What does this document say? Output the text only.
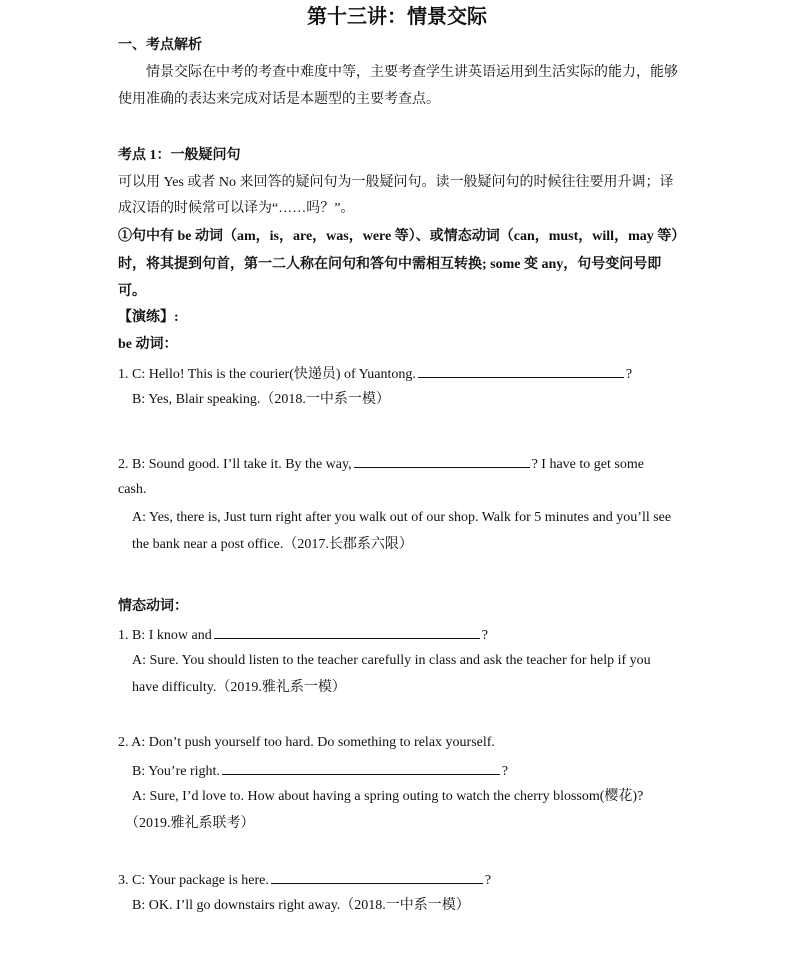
第十三讲：情景交际
一、考点解析
情景交际在中考的考查中难度中等，主要考查学生讲英语运用到生活实际的能力，能够
使用准确的表达来完成对话是本题型的主要考查点。
考点 1：一般疑问句
可以用 Yes 或者 No 来回答的疑问句为一般疑问句。读一般疑问句的时候往往要用升调；译
成汉语的时候常可以译为“……吗？”。
①句中有 be 动词（am，is，are，was，were 等）、或情态动词（can，must，will，may 等）
时，将其提到句首，第一二人称在问句和答句中需相互转换; some 变 any，句号变问号即
可。
【演练】:
be 动词：
1. C: Hello! This is the courier(快递员) of Yuantong.	?
B: Yes, Blair speaking.（2018.一中系一模）
2. B: Sound good. I’ll take it. By the way,	? I have to get some
cash.
A: Yes, there is, Just turn right after you walk out of our shop. Walk for 5 minutes and you’ll see
the bank near a post office.（2017.长郡系六限）
情态动词：
1. B: I know and	?
A: Sure. You should listen to the teacher carefully in class and ask the teacher for help if you
have difficulty.（2019.雅礼系一模）
2. A: Don’t push yourself too hard. Do something to relax yourself.
B: You’re right.	?
A: Sure, I’d love to. How about having a spring outing to watch the cherry blossom(樱花)?
（2019.雅礼系联考）
3. C: Your package is here.	?
B: OK. I’ll go downstairs right away.（2018.一中系一模）
